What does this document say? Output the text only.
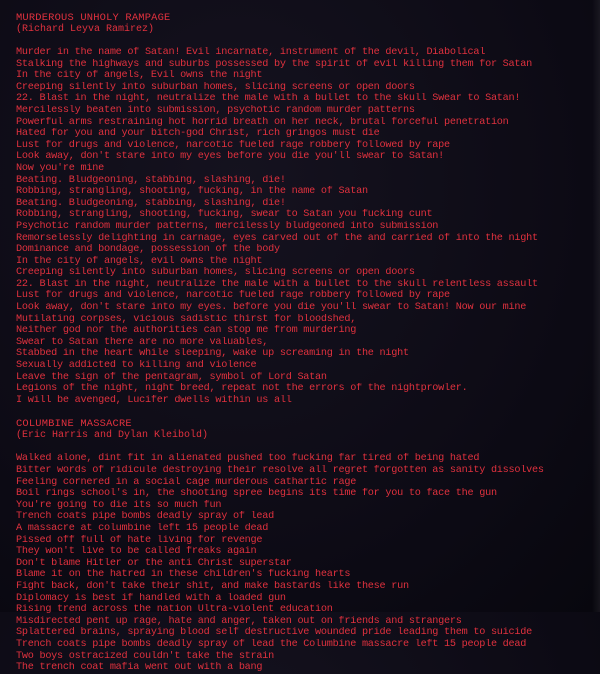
MURDEROUS UNHOLY RAMPAGE

(Richard Leyva Ramirez)

Murder in the name of Satan! Evil incarnate, instrument of the devil, Diabolical
Stalking the highways and suburbs possessed by the spirit of evil killing them for Satan
In the city of angels, Evil owns the night
Creeping silently into suburban homes, slicing screens or open doors
22. Blast in the night, neutralize the male with a bullet to the skull Swear to Satan!
Mercilessly beaten into submission, psychotic random murder patterns
Powerful arms restraining hot horrid breath on her neck, brutal forceful penetration
Hated for you and your bitch-god Christ, rich gringos must die
Lust for drugs and violence, narcotic fueled rage robbery followed by rape
Look away, don't stare into my eyes before you die you'll swear to Satan!
Now you're mine
Beating. Bludgeoning, stabbing, slashing, die!
Robbing, strangling, shooting, fucking, in the name of Satan
Beating. Bludgeoning, stabbing, slashing, die!
Robbing, strangling, shooting, fucking, swear to Satan you fucking cunt
Psychotic random murder patterns, mercilessly bludgeoned into submission
Remorselessly delighting in carnage, eyes carved out of the and carried of into the night
Dominance and bondage, possession of the body
In the city of angels, evil owns the night
Creeping silently into suburban homes, slicing screens or open doors
22. Blast in the night, neutralize the male with a bullet to the skull relentless assault
Lust for drugs and violence, narcotic fueled rage robbery followed by rape
Look away, don't stare into my eyes. before you die you'll swear to Satan! Now our mine
Mutilating corpses, vicious sadistic thirst for bloodshed,
Neither god nor the authorities can stop me from murdering
Swear to Satan there are no more valuables,
Stabbed in the heart while sleeping, wake up screaming in the night
Sexually addicted to killing and violence
Leave the sign of the pentagram, symbol of Lord Satan
Legions of the night, night breed, repeat not the errors of the nightprowler.
I will be avenged, Lucifer dwells within us all
COLUMBINE MASSACRE

(Eric Harris and Dylan Kleibold)

Walked alone, dint fit in alienated pushed too fucking far tired of being hated
Bitter words of ridicule destroying their resolve all regret forgotten as sanity dissolves
Feeling cornered in a social cage murderous cathartic rage
Boil rings school's in, the shooting spree begins its time for you to face the gun
You're going to die its so much fun
Trench coats pipe bombs deadly spray of lead
A massacre at columbine left 15 people dead
Pissed off full of hate living for revenge
They won't live to be called freaks again
Don't blame Hitler or the anti Christ superstar
Blame it on the hatred in these children's fucking hearts
Fight back, don't take their shit, and make bastards like these run
Diplomacy is best if handled with a loaded gun
Rising trend across the nation Ultra-violent education
Misdirected pent up rage, hate and anger, taken out on friends and strangers
Splattered brains, spraying blood self destructive wounded pride leading them to suicide
Trench coats pipe bombs deadly spray of lead the Columbine massacre left 15 people dead
Two boys ostracized couldn't take the strain
The trench coat mafia went out with a bang
